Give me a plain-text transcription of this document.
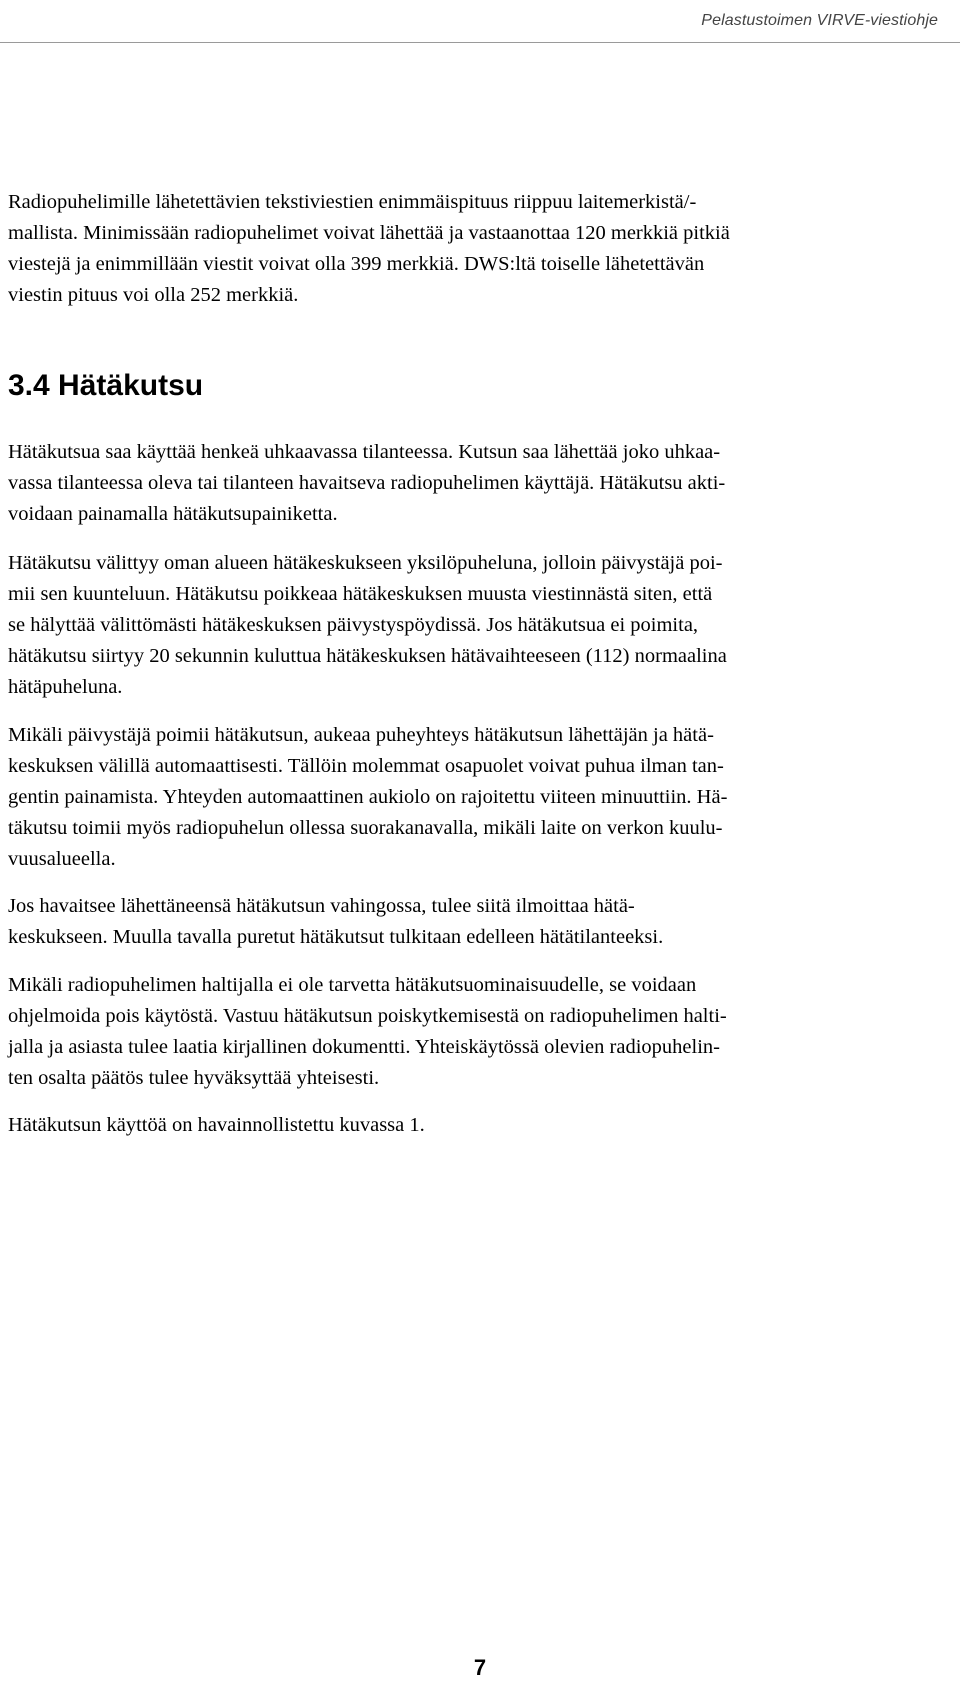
Pelastustoimen VIRVE-viestiohje

Radiopuhelimille lähetettävien tekstiviestien enimmäispituus riippuu laitemerkistä/-
mallista. Minimissään radiopuhelimet voivat lähettää ja vastaanottaa 120 merkkiä pitkiä
viestejä ja enimmillään viestit voivat olla 399 merkkiä. DWS:ltä toiselle lähetettävän
viestin pituus voi olla 252 merkkiä.

3.4 Hätäkutsu

Hätäkutsua saa käyttää henkeä uhkaavassa tilanteessa. Kutsun saa lähettää joko uhkaa-
vassa tilanteessa oleva tai tilanteen havaitseva radiopuhelimen käyttäjä. Hätäkutsu akti-
voidaan painamalla hätäkutsupainiketta.

Hätäkutsu välittyy oman alueen hätäkeskukseen yksilöpuheluna, jolloin päivystäjä poi-
mii sen kuunteluun. Hätäkutsu poikkeaa hätäkeskuksen muusta viestinnästä siten, että
se hälyttää välittömästi hätäkeskuksen päivystyspöydissä. Jos hätäkutsua ei poimita,
hätäkutsu siirtyy 20 sekunnin kuluttua hätäkeskuksen hätävaihteeseen (112) normaalina
hätäpuheluna.

Mikäli päivystäjä poimii hätäkutsun, aukeaa puheyhteys hätäkutsun lähettäjän ja hätä-
keskuksen välillä automaattisesti. Tällöin molemmat osapuolet voivat puhua ilman tan-
gentin painamista. Yhteyden automaattinen aukiolo on rajoitettu viiteen minuuttiin. Hä-
täkutsu toimii myös radiopuhelun ollessa suorakanavalla, mikäli laite on verkon kuulu-
vuusalueella.

Jos havaitsee lähettäneensä hätäkutsun vahingossa, tulee siitä ilmoittaa hätä-
keskukseen. Muulla tavalla puretut hätäkutsut tulkitaan edelleen hätätilanteeksi.

Mikäli radiopuhelimen haltijalla ei ole tarvetta hätäkutsuominaisuudelle, se voidaan
ohjelmoida pois käytöstä. Vastuu hätäkutsun poiskytkemisestä on radiopuhelimen halti-
jalla ja asiasta tulee laatia kirjallinen dokumentti. Yhteiskäytössä olevien radiopuhelin-
ten osalta päätös tulee hyväksyttää yhteisesti.

Hätäkutsun käyttöä on havainnollistettu kuvassa 1.

7
